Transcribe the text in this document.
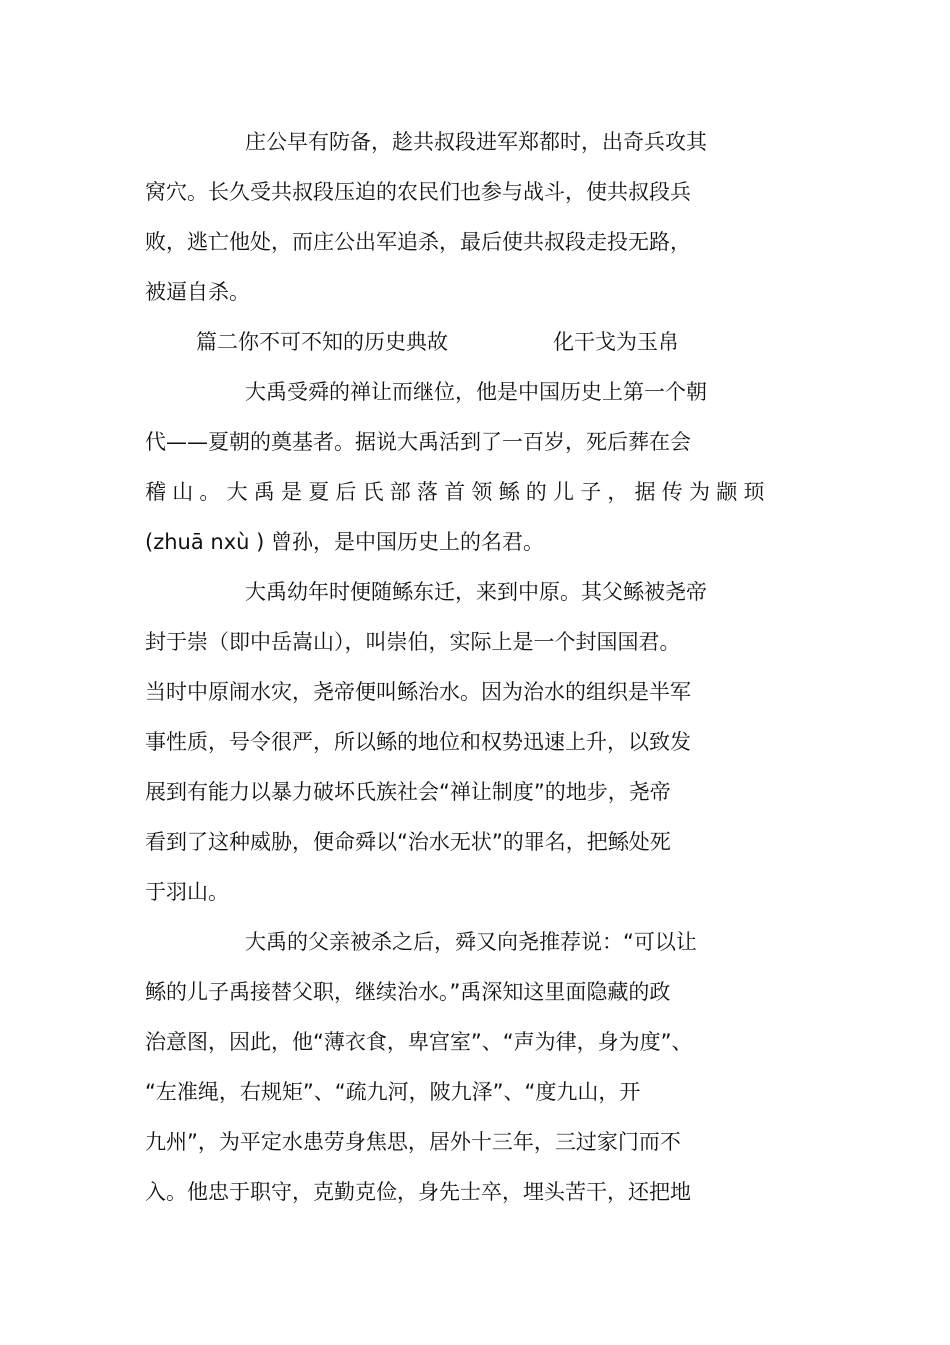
庄公早有防备，趁共叔段进军郑都时，出奇兵攻其
窝穴。长久受共叔段压迫的农民们也参与战斗，使共叔段兵
败，逃亡他处，而庄公出军追杀，最后使共叔段走投无路，
被逼自杀。
篇二你不可不知的历史典故	化干戈为玉帛
大禹受舜的禅让而继位，他是中国历史上第一个朝
代——夏朝的奠基者。据说大禹活到了一百岁，死后葬在会
稽山。大禹是夏后氏部落首领鲧的儿子，据传为颛顼
(zhuā nxù ) 曾孙，是中国历史上的名君。
大禹幼年时便随鲧东迁，来到中原。其父鲧被尧帝
封于崇（即中岳嵩山），叫崇伯，实际上是一个封国国君。
当时中原闹水灾，尧帝便叫鲧治水。因为治水的组织是半军
事性质，号令很严，所以鲧的地位和权势迅速上升，以致发
展到有能力以暴力破坏氏族社会“禅让制度”的地步，尧帝
看到了这种威胁，便命舜以“治水无状”的罪名，把鲧处死
于羽山。
大禹的父亲被杀之后，舜又向尧推荐说：“可以让
鲧的儿子禹接替父职，继续治水。”禹深知这里面隐藏的政
治意图，因此，他“薄衣食，卑宫室”、“声为律，身为度”、
“左准绳，右规矩”、“疏九河，陂九泽”、“度九山，开
九州”，为平定水患劳身焦思，居外十三年，三过家门而不
入。他忠于职守，克勤克俭，身先士卒，埋头苦干，还把地
